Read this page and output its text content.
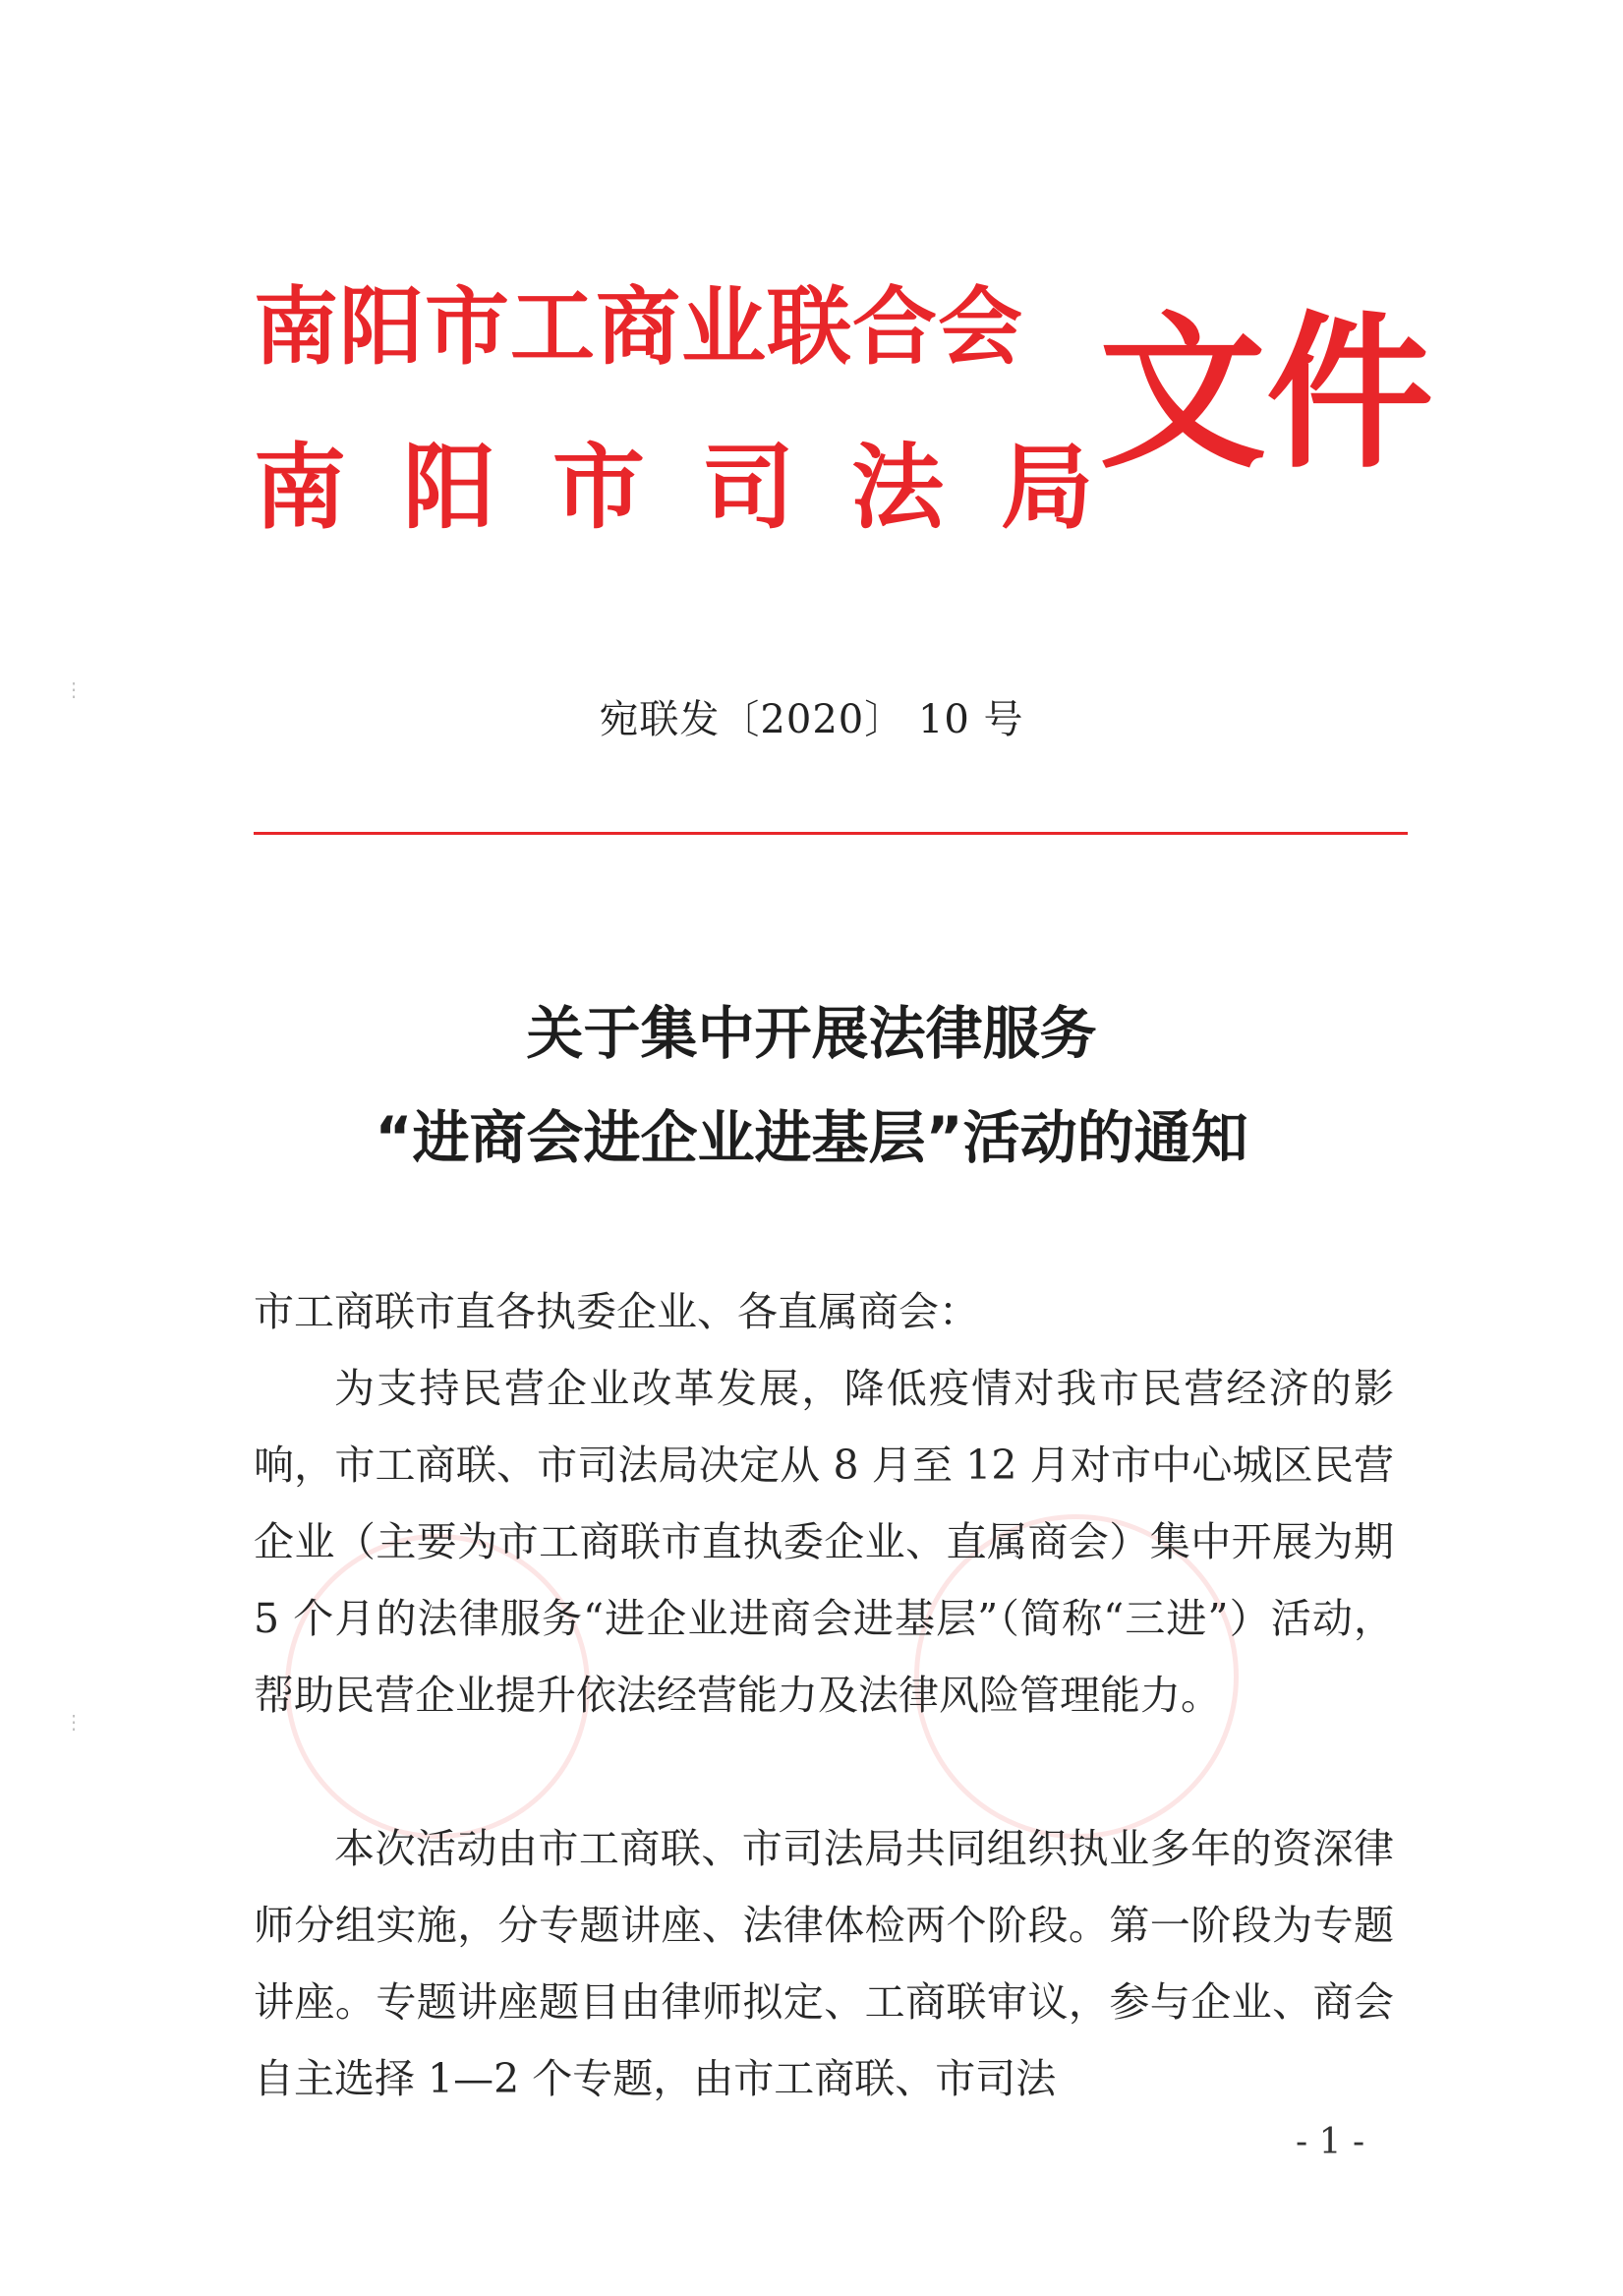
⋮
⋮
南阳市工商业联合会
南阳市司法局
文件
宛联发〔2020〕 10 号
关于集中开展法律服务
“进商会进企业进基层”活动的通知
市工商联市直各执委企业、各直属商会：
为支持民营企业改革发展，降低疫情对我市民营经济的影响，市工商联、市司法局决定从 8 月至 12 月对市中心城区民营企业（主要为市工商联市直执委企业、直属商会）集中开展为期 5 个月的法律服务“进企业进商会进基层”（简称“三进”）活动，帮助民营企业提升依法经营能力及法律风险管理能力。
本次活动由市工商联、市司法局共同组织执业多年的资深律师分组实施，分专题讲座、法律体检两个阶段。第一阶段为专题讲座。专题讲座题目由律师拟定、工商联审议，参与企业、商会自主选择 1—2 个专题，由市工商联、市司法
- 1 -
